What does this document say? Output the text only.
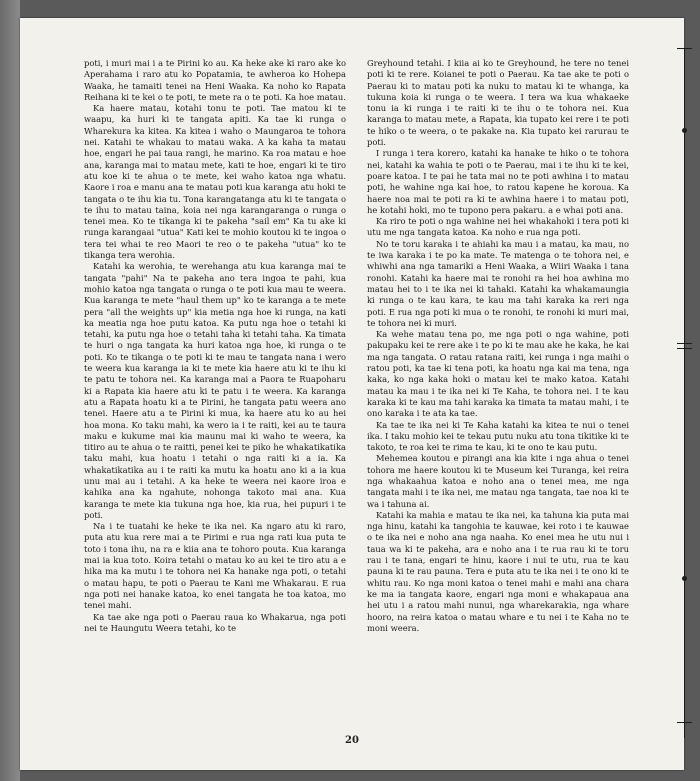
poti, i muri mai i a te Pirini ko au. Ka heke ake ki raro ake ko Aperahama i raro atu ko Popatamia, te awheroa ko Hohepa Waaka, he tamaiti tenei na Heni Waaka. Ka noho ko Rapata Reihana ki te kei o te poti, te mete ra o te poti. Ka hoe matau.

Ka haere matau, kotahi tonu te poti. Tae matou ki te waapu, ka huri ki te tangata apiti. Ka tae ki runga o Wharekura ka kitea. Ka kitea i waho o Maungaroa te tohora nei. Katahi te whakau to matau waka. A ka kaha ta matau hoe, engari he pai taua rangi, he marino. Ka roa matau e hoe ana, karanga mai to matau mete, kati te hoe, engari ki te tiro atu koe ki te ahua o te mete, kei waho katoa nga whatu. Kaore i roa e manu ana te matau poti kua karanga atu hoki te tangata o te ihu kia tu. Tona karangatanga atu ki te tangata o te ihu to matau taina, koia nei nga karangaranga o runga o tenei mea. Ko te tikanga ki te pakeha "sail em" Ka tu ake ki runga karangaai "utua" Kati kei te mohio koutou ki te ingoa o tera tei whai te reo Maori te reo o te pakeha "utua" ko te tikanga tera werohia.

Katahi ka werohia, te werehanga atu kua karanga mai te tangata "pahi" Na te pakeha ano tera ingoa te pahi, kua mohio katoa nga tangata o runga o te poti kua mau te weera. Kua karanga te mete "haul them up" ko te karanga a te mete pera "all the weights up" kia metia nga hoe ki runga, na kati ka meatia nga hoe putu katoa. Ka putu nga hoe o tetahi ki tetahi, ka putu nga hoe o tetahi taha ki tetahi taha. Ka timata te huri o nga tangata ka huri katoa nga hoe, ki runga o te poti. Ko te tikanga o te poti ki te mau te tangata nana i wero te weera kua karanga ia ki te mete kia haere atu ki te ihu ki te patu te tohora nei. Ka karanga mai a Paora te Ruapoharu ki a Rapata kia haere atu ki te patu i te weera. Ka karanga atu a Rapata hoatu ki a te Pirini, he tangata patu weera ano tenei. Haere atu a te Pirini ki mua, ka haere atu ko au hei hoa mona. Ko taku mahi, ka wero ia i te raiti, kei au te taura maku e kukume mai kia maunu mai ki waho te weera, ka titiro au te ahua o te raitti, penei kei te piko he whakatikatika taku mahi, kua hoatu i tetahi o nga raiti ki a ia. Ka whakatikatika au i te raiti ka mutu ka hoatu ano ki a ia kua unu mai au i tetahi. A ka heke te weera nei kaore iroa e kahika ana ka ngahute, nohonga takoto mai ana. Kua karanga te mete kia tukuna nga hoe, kia rua, hei pupuri i te poti.

Na i te tuatahi ke heke te ika nei. Ka ngaro atu ki raro, puta atu kua rere mai a te Pirimi e rua nga rati kua puta te toto i tona ihu, na ra e kiia ana te tohoro pouta. Kua karanga mai ia kua toto. Koira tetahi o matau ko au kei te tiro atu a e hika ma ka mutu i te tohora nei Ka hanake nga poti, o tetahi o matau hapu, te poti o Paerau te Kani me Whakarau. E rua nga poti nei hanake katoa, ko enei tangata he toa katoa, mo tenei mahi.

Ka tae ake nga poti o Paerau raua ko Whakarua, nga poti nei te Haungutu Weera tetahi, ko te

Greyhound tetahi. I kiia ai ko te Greyhound, he tere no tenei poti ki te rere. Koianei te poti o Paerau. Ka tae ake te poti o Paerau ki to matau poti ka nuku to matau ki te whanga, ka tukuna koia ki runga o te weera. I tera wa kua whakaeke tonu ia ki runga i te raiti ki te ihu o te tohora nei. Kua karanga to matau mete, a Rapata, kia tupato kei rere i te poti te hiko o te weera, o te pakake na. Kia tupato kei rarurau te poti.

I runga i tera korero, katahi ka hanake te hiko o te tohora nei, katahi ka wahia te poti o te Paerau, mai i te ihu ki te kei, poare katoa. I te pai he tata mai no te poti awhina i to matau poti, he wahine nga kai hoe, to ratou kapene he koroua. Ka haere noa mai te poti ra ki te awhina haere i to matau poti, he kotahi hoki, mo te tupono pera pakaru. a e whai poti ana.

Ka riro te poti o nga wahine nei hei whakahoki i tera poti ki utu me nga tangata katoa. Ka noho e rua nga poti.

No te toru karaka i te ahiahi ka mau i a matau, ka mau, no te iwa karaka i te po ka mate. Te matenga o te tohora nei, e whiwhi ana nga tamariki a Heni Waaka, a Wiiri Waaka i tana ronohi. Katahi ka haere mai te ronohi ra hei hoa awhina mo matau hei to i te ika nei ki tahaki. Katahi ka whakamaungia ki runga o te kau kara, te kau ma tahi karaka ka reri nga poti. E rua nga poti ki mua o te ronohi, te ronohi ki muri mai, te tohora nei ki muri.

Ka wehe matau tena po, me nga poti o nga wahine, poti pakupaku kei te rere ake i te po ki te mau ake he kaka, he kai ma nga tangata. O ratau ratana raiti, kei runga i nga maihi o ratou poti, ka tae ki tena poti, ka hoatu nga kai ma tena, nga kaka, ko nga kaka hoki o matau kei te mako katoa. Katahi matau ka mau i te ika nei ki Te Kaha, te tohora nei. I te kau karaka ki te kau ma tahi karaka ka timata ta matau mahi, i te ono karaka i te ata ka tae.

Ka tae te ika nei ki Te Kaha katahi ka kitea te nui o tenei ika. I taku mohio kei te tekau putu nuku atu tona tikitike ki te takoto, te roa kei te rima te kau, ki te ono te kau putu.

Mehemea koutou e pirangi ana kia kite i nga ahua o tenei tohora me haere koutou ki te Museum kei Turanga, kei reira nga whakaahua katoa e noho ana o tenei mea, me nga tangata mahi i te ika nei, me matau nga tangata, tae noa ki te wa i tahuna ai.

Katahi ka mahia e matau te ika nei, ka tahuna kia puta mai nga hinu, katahi ka tangohia te kauwae, kei roto i te kauwae o te ika nei e noho ana nga naaha. Ko enei mea he utu nui i taua wa ki te pakeha, ara e noho ana i te rua rau ki te toru rau i te tana, engari te hinu, kaore i nui te utu, rua te kau pauna ki te rau pauna. Tera e puta atu te ika nei i te ono ki te whitu rau. Ko nga moni katoa o tenei mahi e mahi ana chara ke ma ia tangata kaore, engari nga moni e whakapaua ana hei utu i a ratou mahi nunui, nga wharekarakia, nga whare hooro, na reira katoa o matau whare e tu nei i te Kaha no te moni weera.

20
